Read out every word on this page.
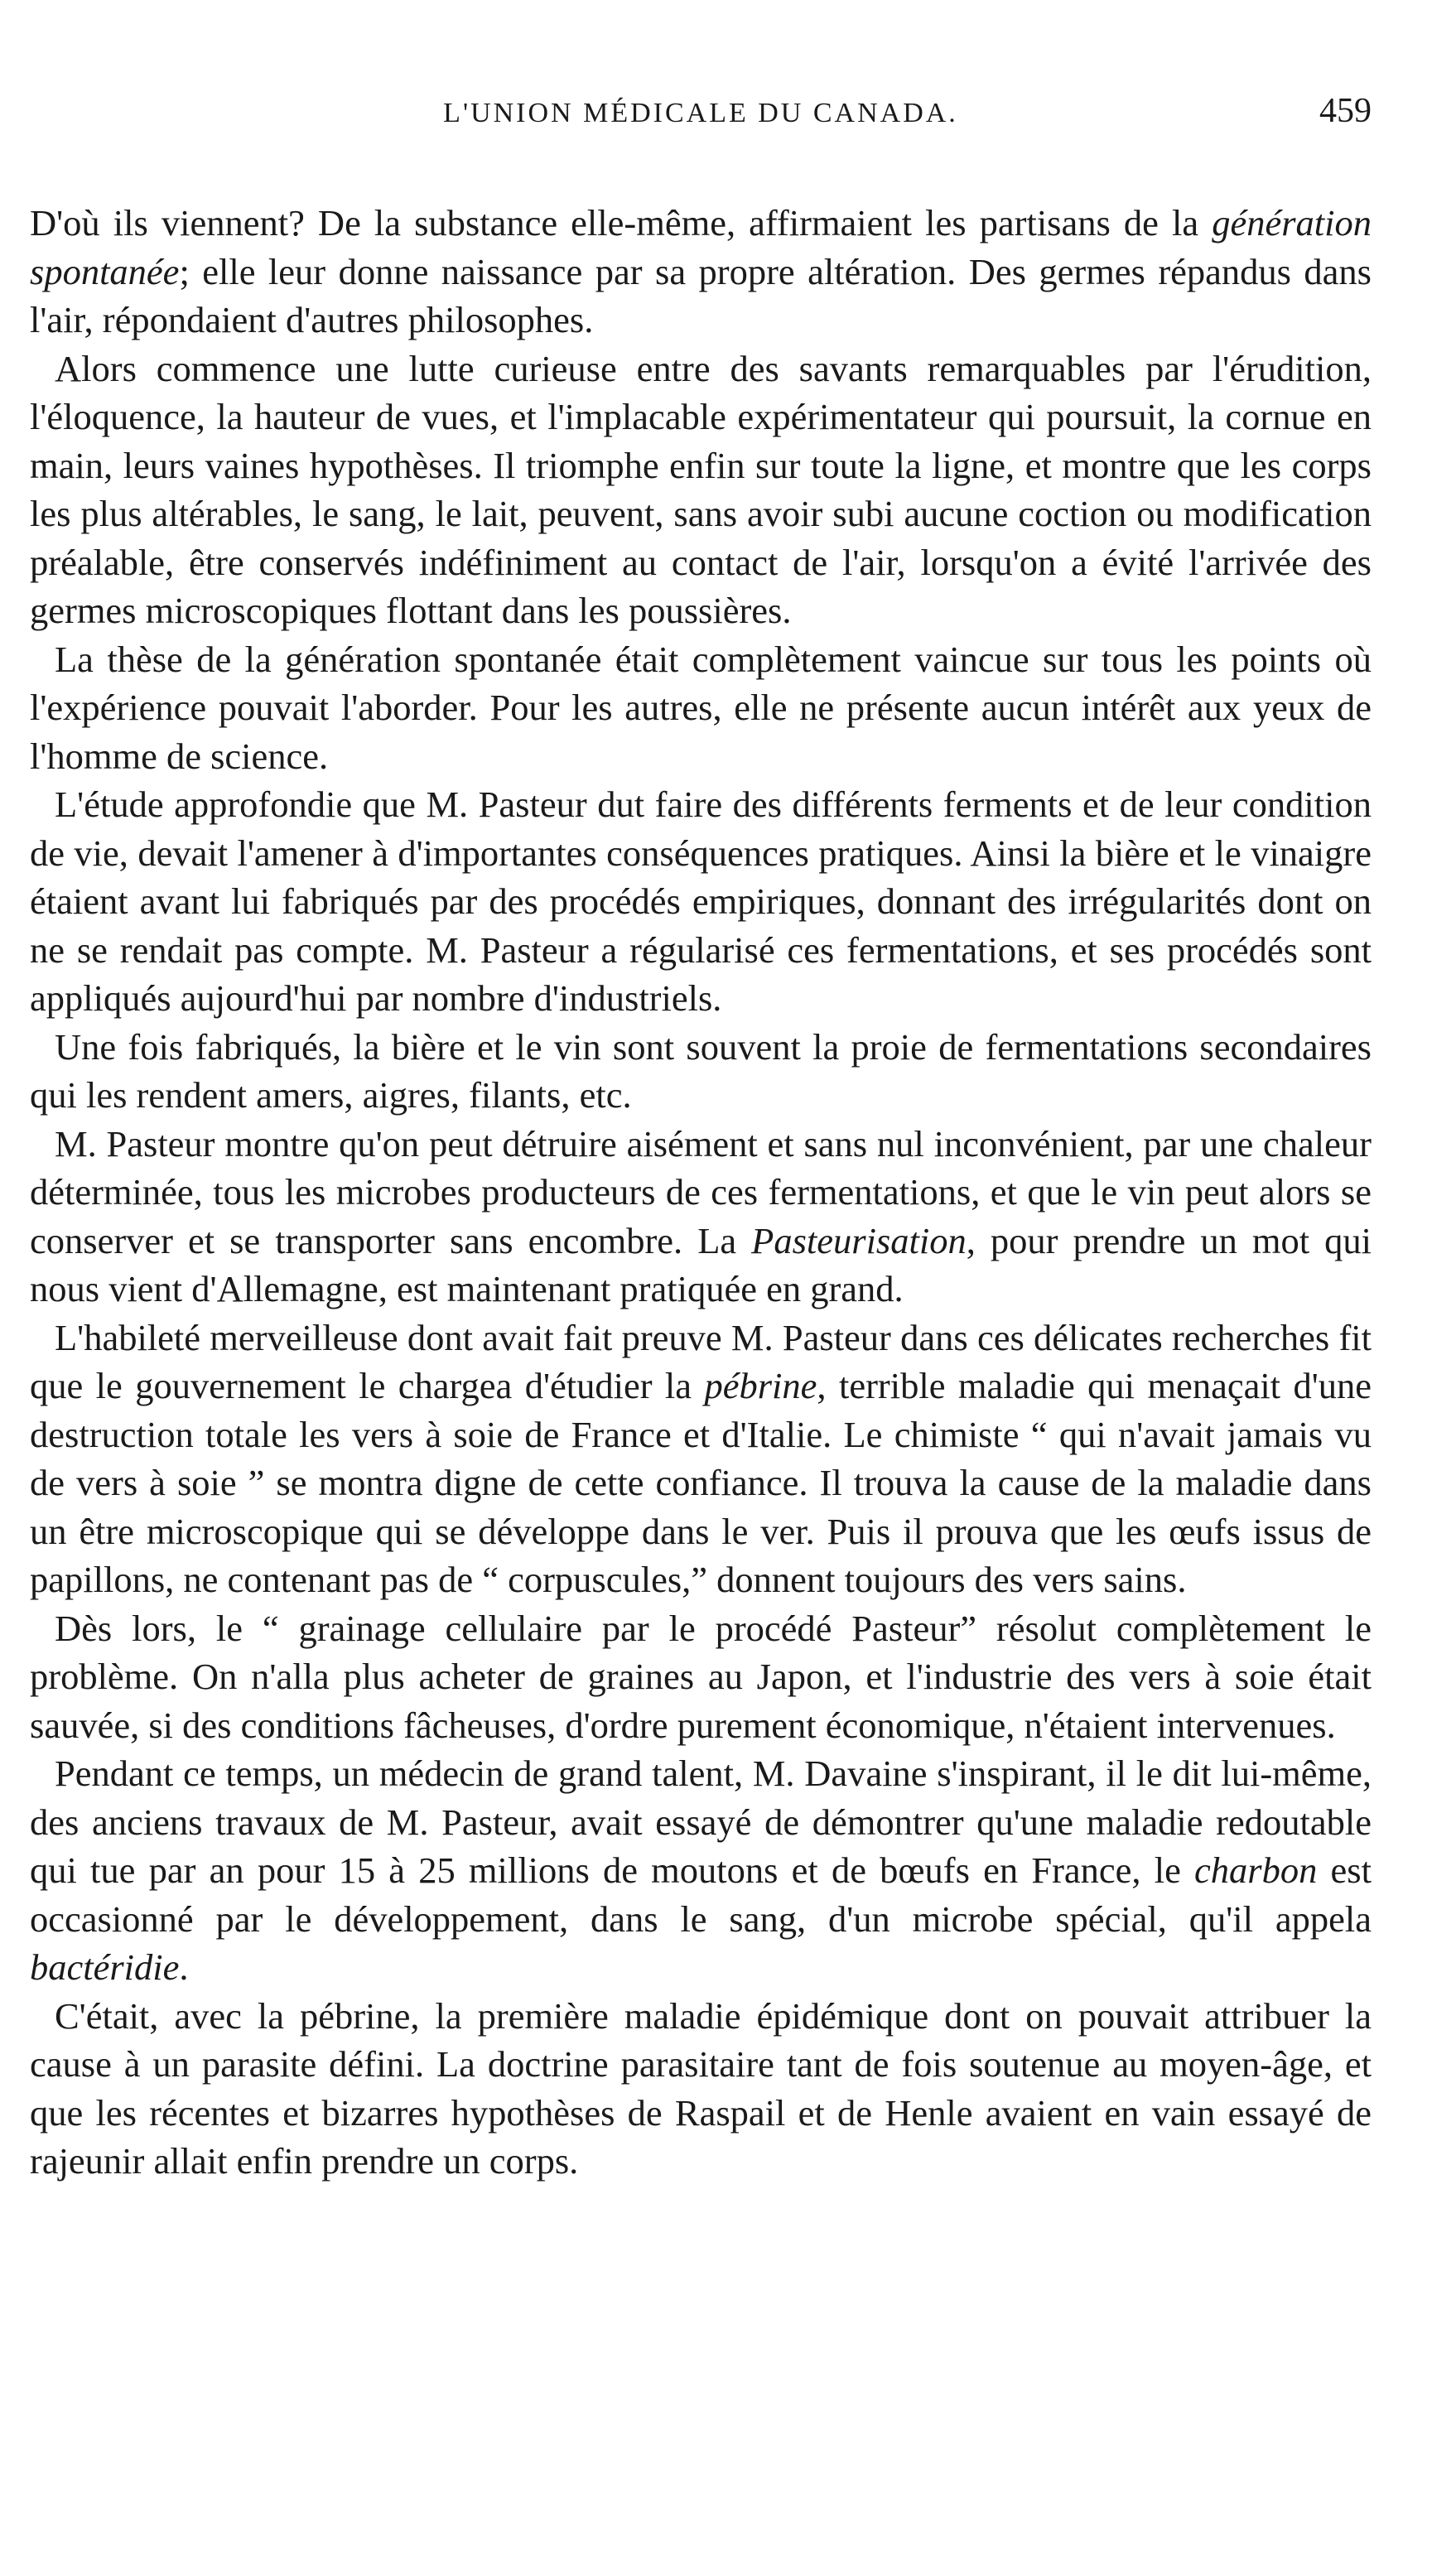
L'UNION MÉDICALE DU CANADA.	459

D'où ils viennent? De la substance elle-même, affirmaient les partisans de la génération spontanée; elle leur donne naissance par sa propre altération. Des germes répandus dans l'air, répondaient d'autres philosophes.

Alors commence une lutte curieuse entre des savants remarquables par l'érudition, l'éloquence, la hauteur de vues, et l'implacable expérimentateur qui poursuit, la cornue en main, leurs vaines hypothèses. Il triomphe enfin sur toute la ligne, et montre que les corps les plus altérables, le sang, le lait, peuvent, sans avoir subi aucune coction ou modification préalable, être conservés indéfiniment au contact de l'air, lorsqu'on a évité l'arrivée des germes microscopiques flottant dans les poussières.

La thèse de la génération spontanée était complètement vaincue sur tous les points où l'expérience pouvait l'aborder. Pour les autres, elle ne présente aucun intérêt aux yeux de l'homme de science.

L'étude approfondie que M. Pasteur dut faire des différents ferments et de leur condition de vie, devait l'amener à d'importantes conséquences pratiques. Ainsi la bière et le vinaigre étaient avant lui fabriqués par des procédés empiriques, donnant des irrégularités dont on ne se rendait pas compte. M. Pasteur a régularisé ces fermentations, et ses procédés sont appliqués aujourd'hui par nombre d'industriels.

Une fois fabriqués, la bière et le vin sont souvent la proie de fermentations secondaires qui les rendent amers, aigres, filants, etc.

M. Pasteur montre qu'on peut détruire aisément et sans nul inconvénient, par une chaleur déterminée, tous les microbes producteurs de ces fermentations, et que le vin peut alors se conserver et se transporter sans encombre. La Pasteurisation, pour prendre un mot qui nous vient d'Allemagne, est maintenant pratiquée en grand.

L'habileté merveilleuse dont avait fait preuve M. Pasteur dans ces délicates recherches fit que le gouvernement le chargea d'étudier la pébrine, terrible maladie qui menaçait d'une destruction totale les vers à soie de France et d'Italie. Le chimiste “ qui n'avait jamais vu de vers à soie ” se montra digne de cette confiance. Il trouva la cause de la maladie dans un être microscopique qui se développe dans le ver. Puis il prouva que les œufs issus de papillons, ne contenant pas de “ corpuscules,” donnent toujours des vers sains.

Dès lors, le “ grainage cellulaire par le procédé Pasteur” résolut complètement le problème. On n'alla plus acheter de graines au Japon, et l'industrie des vers à soie était sauvée, si des conditions fâcheuses, d'ordre purement économique, n'étaient intervenues.

Pendant ce temps, un médecin de grand talent, M. Davaine s'inspirant, il le dit lui-même, des anciens travaux de M. Pasteur, avait essayé de démontrer qu'une maladie redoutable qui tue par an pour 15 à 25 millions de moutons et de bœufs en France, le charbon est occasionné par le développement, dans le sang, d'un microbe spécial, qu'il appela bactéridie.

C'était, avec la pébrine, la première maladie épidémique dont on pouvait attribuer la cause à un parasite défini. La doctrine parasitaire tant de fois soutenue au moyen-âge, et que les récentes et bizarres hypothèses de Raspail et de Henle avaient en vain essayé de rajeunir allait enfin prendre un corps.
